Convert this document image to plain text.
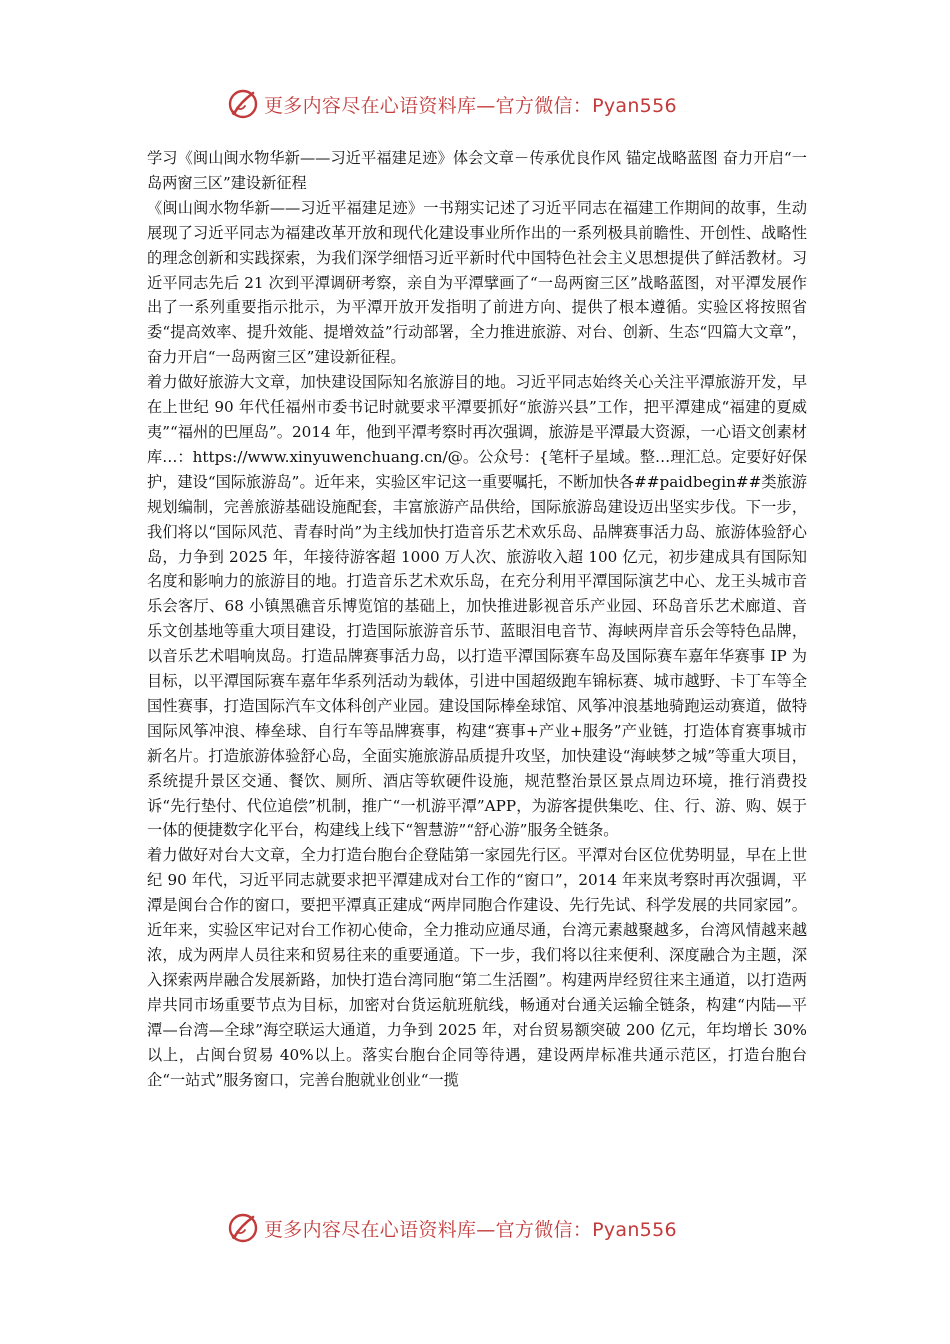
更多内容尽在心语资料库—官方微信：Pyan556

学习《闽山闽水物华新——习近平福建足迹》体会文章－传承优良作风 锚定战略蓝图 奋力开启“一岛两窗三区”建设新征程

《闽山闽水物华新——习近平福建足迹》一书翔实记述了习近平同志在福建工作期间的故事，生动展现了习近平同志为福建改革开放和现代化建设事业所作出的一系列极具前瞻性、开创性、战略性的理念创新和实践探索，为我们深学细悟习近平新时代中国特色社会主义思想提供了鲜活教材。习近平同志先后 21 次到平潭调研考察，亲自为平潭擘画了“一岛两窗三区”战略蓝图，对平潭发展作出了一系列重要指示批示，为平潭开放开发指明了前进方向、提供了根本遵循。实验区将按照省委“提高效率、提升效能、提增效益”行动部署，全力推进旅游、对台、创新、生态“四篇大文章”，奋力开启“一岛两窗三区”建设新征程。

着力做好旅游大文章，加快建设国际知名旅游目的地。习近平同志始终关心关注平潭旅游开发，早在上世纪 90 年代任福州市委书记时就要求平潭要抓好“旅游兴县”工作，把平潭建成“福建的夏威夷”“福州的巴厘岛”。2014 年，他到平潭考察时再次强调，旅游是平潭最大资源，一心语文创素材库…：https://www.xinyuwenchuang.cn/@。公众号：{笔杆子星域。整…理汇总。定要好好保护，建设“国际旅游岛”。近年来，实验区牢记这一重要嘱托，不断加快各##paidbegin##类旅游规划编制，完善旅游基础设施配套，丰富旅游产品供给，国际旅游岛建设迈出坚实步伐。下一步，我们将以“国际风范、青春时尚”为主线加快打造音乐艺术欢乐岛、品牌赛事活力岛、旅游体验舒心岛，力争到 2025 年，年接待游客超 1000 万人次、旅游收入超 100 亿元，初步建成具有国际知名度和影响力的旅游目的地。打造音乐艺术欢乐岛，在充分利用平潭国际演艺中心、龙王头城市音乐会客厅、68 小镇黑礁音乐博览馆的基础上，加快推进影视音乐产业园、环岛音乐艺术廊道、音乐文创基地等重大项目建设，打造国际旅游音乐节、蓝眼泪电音节、海峡两岸音乐会等特色品牌，以音乐艺术唱响岚岛。打造品牌赛事活力岛，以打造平潭国际赛车岛及国际赛车嘉年华赛事 IP 为目标，以平潭国际赛车嘉年华系列活动为载体，引进中国超级跑车锦标赛、城市越野、卡丁车等全国性赛事，打造国际汽车文体科创产业园。建设国际棒垒球馆、风筝冲浪基地骑跑运动赛道，做特国际风筝冲浪、棒垒球、自行车等品牌赛事，构建“赛事+产业+服务”产业链，打造体育赛事城市新名片。打造旅游体验舒心岛，全面实施旅游品质提升攻坚，加快建设“海峡梦之城”等重大项目，系统提升景区交通、餐饮、厕所、酒店等软硬件设施，规范整治景区景点周边环境，推行消费投诉“先行垫付、代位追偿”机制，推广“一机游平潭”APP，为游客提供集吃、住、行、游、购、娱于一体的便捷数字化平台，构建线上线下“智慧游”“舒心游”服务全链条。

着力做好对台大文章，全力打造台胞台企登陆第一家园先行区。平潭对台区位优势明显，早在上世纪 90 年代，习近平同志就要求把平潭建成对台工作的“窗口”，2014 年来岚考察时再次强调，平潭是闽台合作的窗口，要把平潭真正建成“两岸同胞合作建设、先行先试、科学发展的共同家园”。近年来，实验区牢记对台工作初心使命，全力推动应通尽通，台湾元素越聚越多，台湾风情越来越浓，成为两岸人员往来和贸易往来的重要通道。下一步，我们将以往来便利、深度融合为主题，深入探索两岸融合发展新路，加快打造台湾同胞“第二生活圈”。构建两岸经贸往来主通道，以打造两岸共同市场重要节点为目标，加密对台货运航班航线，畅通对台通关运输全链条，构建“内陆—平潭—台湾—全球”海空联运大通道，力争到 2025 年，对台贸易额突破 200 亿元，年均增长 30%以上，占闽台贸易 40%以上。落实台胞台企同等待遇，建设两岸标准共通示范区，打造台胞台企“一站式”服务窗口，完善台胞就业创业“一揽

更多内容尽在心语资料库—官方微信：Pyan556
